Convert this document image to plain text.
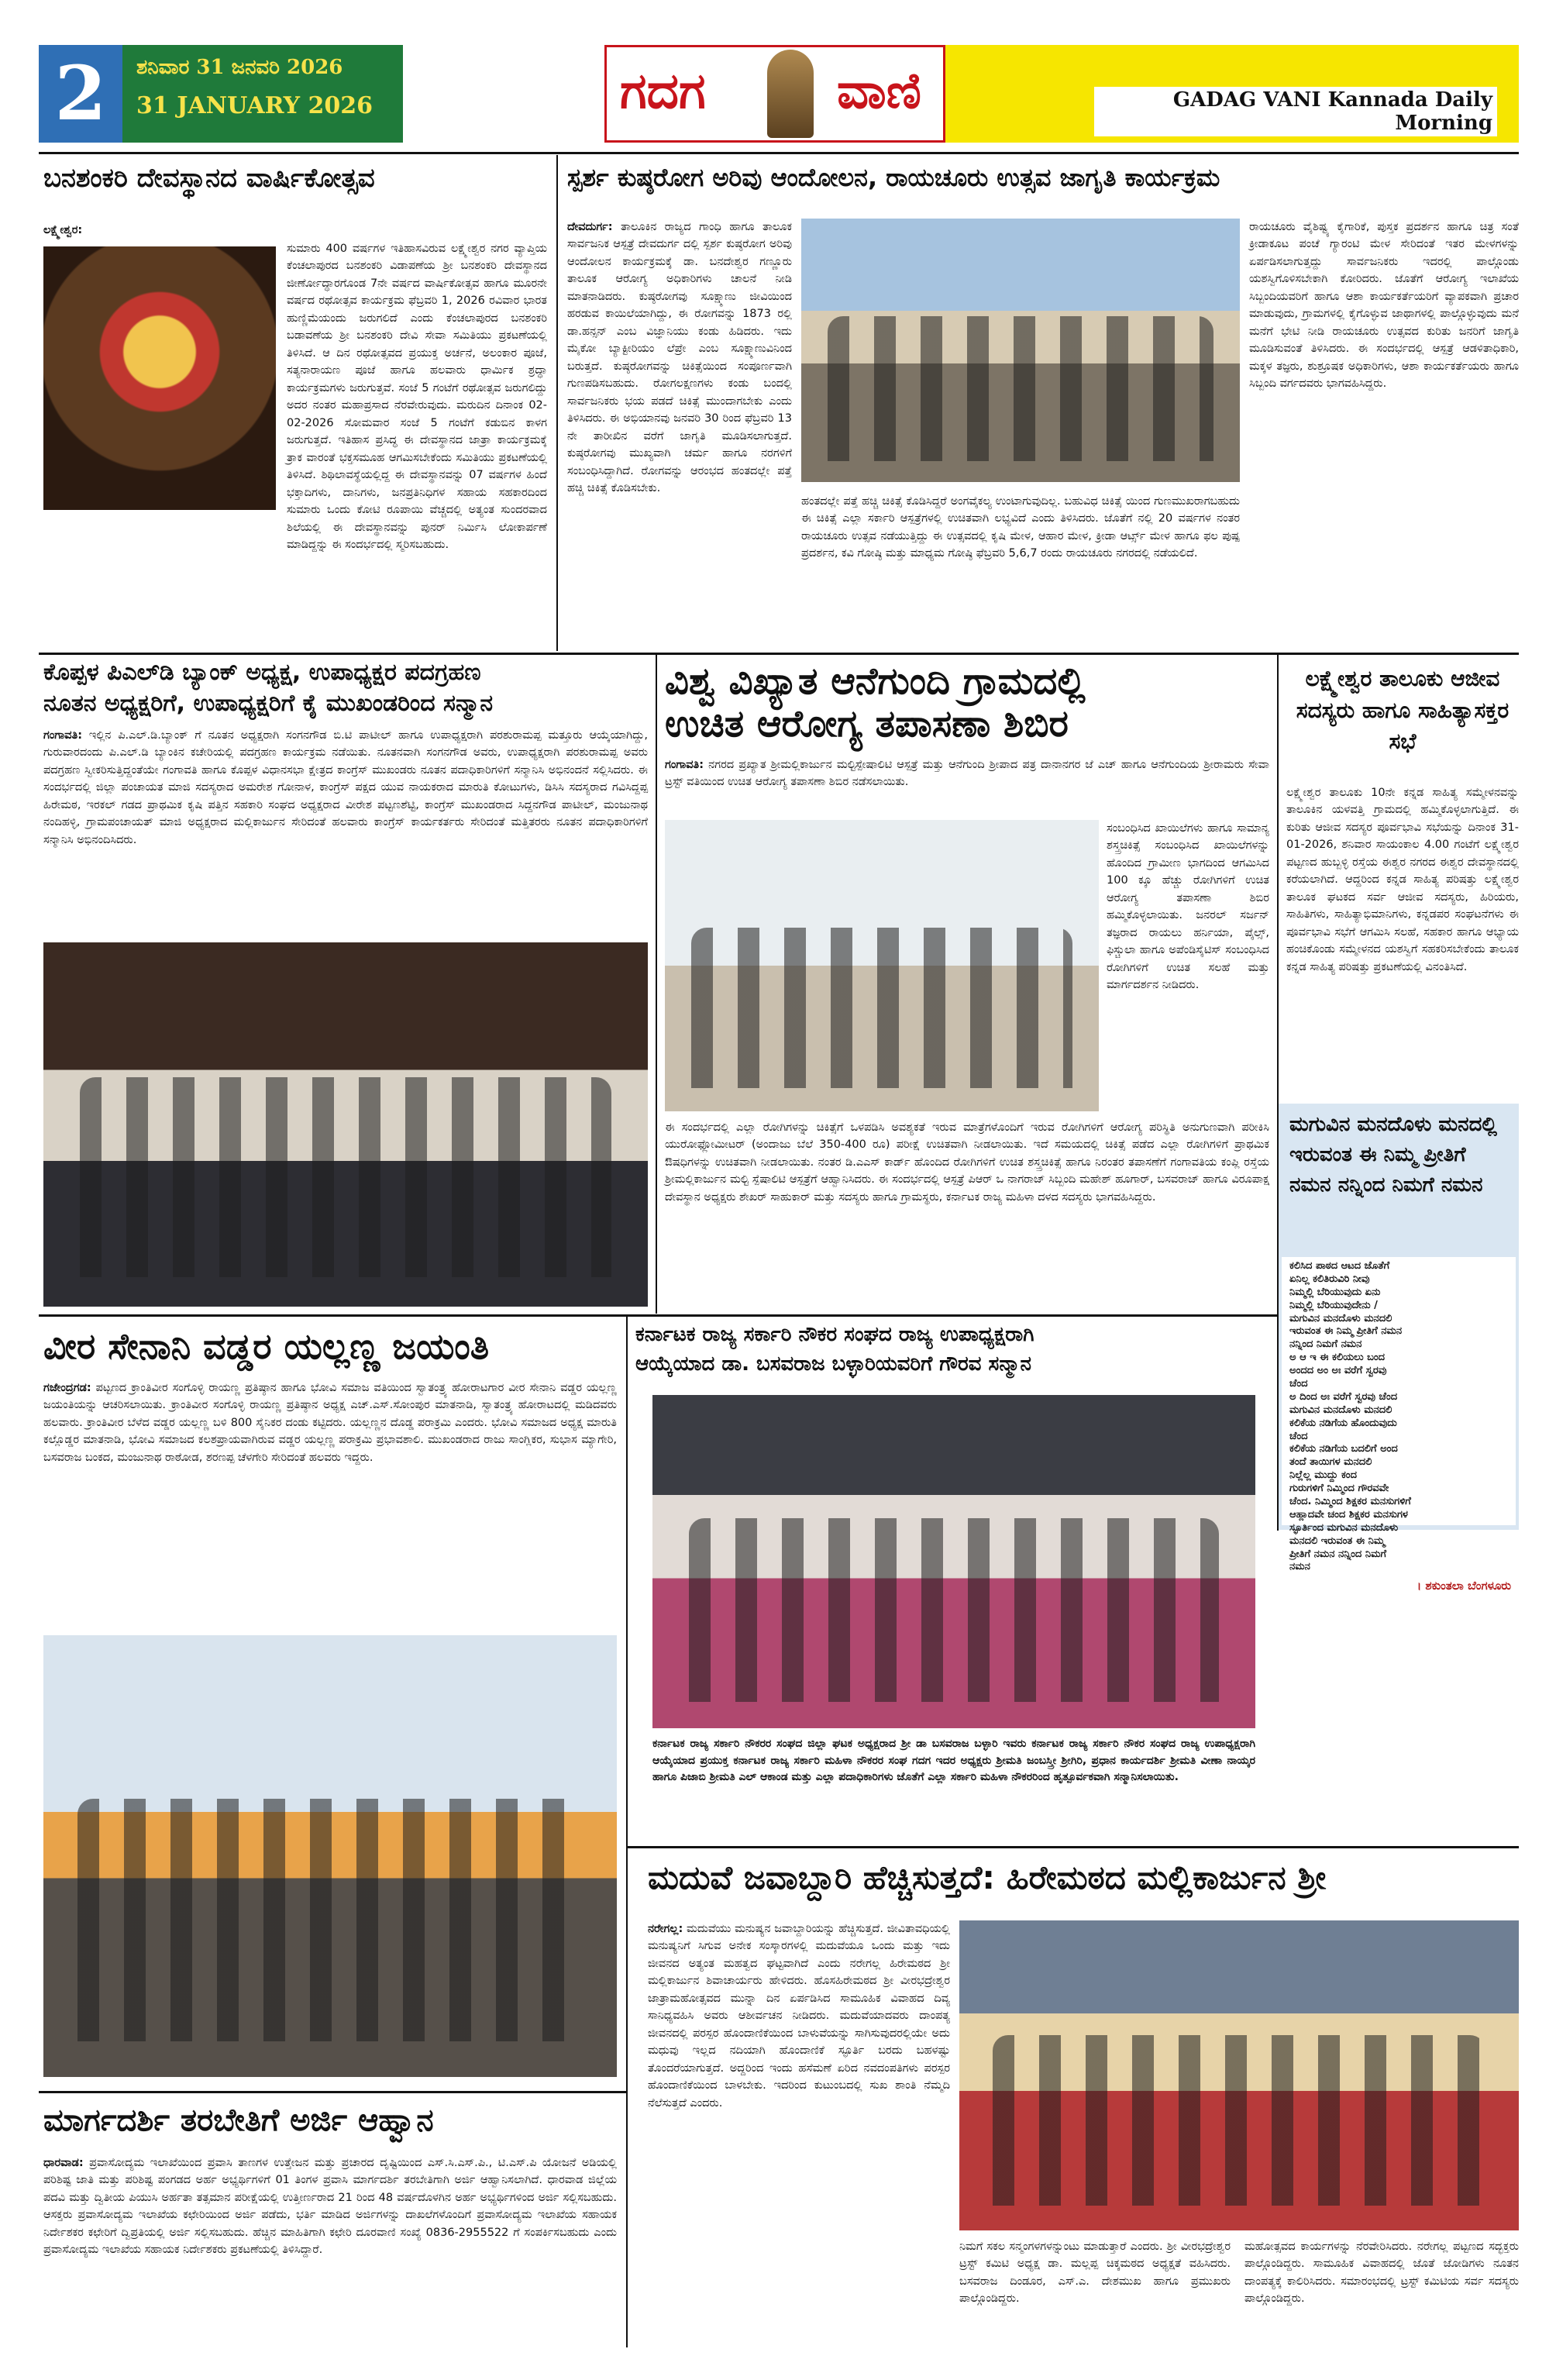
2	ಶನಿವಾರ 31 ಜನವರಿ 2026
31 JANUARY 2026	ಗದಗ	ವಾಣಿ	GADAG VANI Kannada Daily Morning
ಬನಶಂಕರಿ ದೇವಸ್ಥಾನದ ವಾರ್ಷಿಕೋತ್ಸವ
ಲಕ್ಷ್ಮೇಶ್ವರ:
ಸುಮಾರು 400 ವರ್ಷಗಳ ಇತಿಹಾಸವಿರುವ ಲಕ್ಷ್ಮೇಶ್ವರ ನಗರ ವ್ಯಾಪ್ತಿಯ ಕೆಂಚಲಾಪುರದ ಬನಶಂಕರಿ ವಿಡಾಪಣೆಯ ಶ್ರೀ ಬನಶಂಕರಿ ದೇವಸ್ಥಾನದ ಜೀರ್ಣೋದ್ಧಾರಗೊಂಡ 7ನೇ ವರ್ಷದ ವಾರ್ಷಿಕೋತ್ಸವ ಹಾಗೂ ಮೂರನೇ ವರ್ಷದ ರಥೋತ್ಸವ ಕಾರ್ಯಕ್ರಮ ಫೆಬ್ರವರಿ 1, 2026 ರವಿವಾರ ಭಾರತ ಹುಣ್ಣಿಮೆಯಂದು ಜರುಗಲಿದೆ ಎಂದು ಕೆಂಚಲಾಪುರದ ಬನಶಂಕರಿ ಬಡಾವಣೆಯ ಶ್ರೀ ಬನಶಂಕರಿ ದೇವಿ ಸೇವಾ ಸಮಿತಿಯು ಪ್ರಕಟಣೆಯಲ್ಲಿ ತಿಳಿಸಿದೆ. ಆ ದಿನ ರಥೋತ್ಸವದ ಪ್ರಯುಕ್ತ ಅರ್ಚನೆ, ಅಲಂಕಾರ ಪೂಜೆ, ಸತ್ಯನಾರಾಯಣ ಪೂಜೆ ಹಾಗೂ ಹಲವಾರು ಧಾರ್ಮಿಕ ಶ್ರದ್ಧಾ ಕಾರ್ಯಕ್ರಮಗಳು ಜರುಗುತ್ತವೆ. ಸಂಜೆ 5 ಗಂಟೆಗೆ ರಥೋತ್ಸವ ಜರುಗಲಿದ್ದು ಅದರ ನಂತರ ಮಹಾಪ್ರಸಾದ ನೆರವೇರುವುದು. ಮರುದಿನ ದಿನಾಂಕ 02-02-2026 ಸೋಮವಾರ ಸಂಜೆ 5 ಗಂಟೆಗೆ ಕಡುಬಿನ ಕಾಳಗ ಜರುಗುತ್ತದೆ. ಇತಿಹಾಸ ಪ್ರಸಿದ್ಧ ಈ ದೇವಸ್ಥಾನದ ಜಾತ್ರಾ ಕಾರ್ಯಕ್ರಮಕ್ಕೆ ತ್ರಾಕ ವಾರಂತೆ ಭಕ್ತಸಮೂಹ ಆಗಮಿಸಬೇಕೆಂದು ಸಮಿತಿಯು ಪ್ರಕಟಣೆಯಲ್ಲಿ ತಿಳಿಸಿದೆ. ಶಿಥಿಲಾವಸ್ಥೆಯಲ್ಲಿದ್ದ ಈ ದೇವಸ್ಥಾನವನ್ನು 07 ವರ್ಷಗಳ ಹಿಂದೆ ಭಕ್ತಾದಿಗಳು, ದಾನಿಗಳು, ಜನಪ್ರತಿನಿಧಿಗಳ ಸಹಾಯ ಸಹಕಾರದಿಂದ ಸುಮಾರು ಒಂದು ಕೋಟಿ ರೂಪಾಯಿ ವೆಚ್ಚದಲ್ಲಿ ಅತ್ಯಂತ ಸುಂದರವಾದ ಶಿಲೆಯಲ್ಲಿ ಈ ದೇವಸ್ಥಾನವನ್ನು ಪುನರ್ ನಿರ್ಮಿಸಿ ಲೋಕಾರ್ಪಣೆ ಮಾಡಿದ್ದನ್ನು ಈ ಸಂದರ್ಭದಲ್ಲಿ ಸ್ಮರಿಸಬಹುದು.
ಸ್ಪರ್ಶ ಕುಷ್ಠರೋಗ ಅರಿವು ಆಂದೋಲನ, ರಾಯಚೂರು ಉತ್ಸವ ಜಾಗೃತಿ ಕಾರ್ಯಕ್ರಮ
ದೇವದುರ್ಗ: ತಾಲೂಕಿನ ರಾಜ್ಯದ ಗಾಂಧಿ ಹಾಗೂ ತಾಲೂಕ ಸಾರ್ವಜನಿಕ ಆಸ್ಪತ್ರೆ ದೇವದುರ್ಗ ದಲ್ಲಿ ಸ್ಪರ್ಶ ಕುಷ್ಠರೋಗ ಅರಿವು ಆಂದೋಲನ ಕಾರ್ಯಕ್ರಮಕ್ಕೆ ಡಾ. ಬನದೇಶ್ವರ ಗಣ್ಣೂರು ತಾಲೂಕ ಆರೋಗ್ಯ ಅಧಿಕಾರಿಗಳು ಚಾಲನೆ ನೀಡಿ ಮಾತನಾಡಿದರು. ಕುಷ್ಠರೋಗವು ಸೂಕ್ಷ್ಮಾಣು ಜೀವಿಯಿಂದ ಹರಡುವ ಕಾಯಿಲೆಯಾಗಿದ್ದು, ಈ ರೋಗವನ್ನು 1873 ರಲ್ಲಿ ಡಾ.ಹನ್ಸನ್ ಎಂಬ ವಿಜ್ಞಾನಿಯು ಕಂಡು ಹಿಡಿದರು. ಇದು ಮೈಕೋ ಬ್ಯಾಕ್ಟೀರಿಯಂ ಲೆಪ್ರೇ ಎಂಬ ಸೂಕ್ಷ್ಮಾಣುವಿನಿಂದ ಬರುತ್ತದೆ. ಕುಷ್ಠರೋಗವನ್ನು ಚಿಕಿತ್ಸೆಯಿಂದ ಸಂಪೂರ್ಣವಾಗಿ ಗುಣಪಡಿಸಬಹುದು. ರೋಗಲಕ್ಷಣಗಳು ಕಂಡು ಬಂದಲ್ಲಿ ಸಾರ್ವಜನಿಕರು ಭಯ ಪಡದೆ ಚಿಕಿತ್ಸೆ ಮುಂದಾಗಬೇಕು ಎಂದು ತಿಳಿಸಿದರು. ಈ ಅಭಿಯಾನವು ಜನವರಿ 30 ರಿಂದ ಫೆಬ್ರವರಿ 13 ನೇ ತಾರೀಖಿನ ವರೆಗೆ ಜಾಗೃತಿ ಮೂಡಿಸಲಾಗುತ್ತದೆ. ಕುಷ್ಠರೋಗವು ಮುಖ್ಯವಾಗಿ ಚರ್ಮ ಹಾಗೂ ನರಗಳಿಗೆ ಸಂಬಂಧಿಸಿದ್ದಾಗಿದೆ. ರೋಗವನ್ನು ಆರಂಭದ ಹಂತದಲ್ಲೇ ಪತ್ತೆ ಹಚ್ಚಿ ಚಿಕಿತ್ಸೆ ಕೊಡಿಸಬೇಕು.
ರಾಯಚೂರು ವೈಶಿಷ್ಟ್ಯ ಕೈಗಾರಿಕೆ, ಪುಸ್ತಕ ಪ್ರದರ್ಶನ ಹಾಗೂ ಚಿತ್ರ ಸಂತೆ ಕ್ರೀಡಾಕೂಟ ಪಂಚೆ ಗ್ಯಾರಂಟಿ ಮೇಳ ಸೇರಿದಂತೆ ಇತರ ಮೇಳಗಳನ್ನು ಏರ್ಪಡಿಸಲಾಗುತ್ತದ್ದು ಸಾರ್ವಜನಿಕರು ಇದರಲ್ಲಿ ಪಾಲ್ಗೊಂಡು ಯಶಸ್ವಿಗೊಳಿಸಬೇಕಾಗಿ ಕೋರಿದರು. ಜೊತೆಗೆ ಆರೋಗ್ಯ ಇಲಾಖೆಯ ಸಿಬ್ಬಂದಿಯವರಿಗೆ ಹಾಗೂ ಆಶಾ ಕಾರ್ಯಕರ್ತೆಯರಿಗೆ ವ್ಯಾಪಕವಾಗಿ ಪ್ರಚಾರ ಮಾಡುವುದು, ಗ್ರಾಮಗಳಲ್ಲಿ ಕೈಗೊಳ್ಳುವ ಜಾಥಾಗಳಲ್ಲಿ ಪಾಲ್ಗೊಳ್ಳುವುದು ಮನೆ ಮನೆಗೆ ಭೇಟಿ ನೀಡಿ ರಾಯಚೂರು ಉತ್ಸವದ ಕುರಿತು ಜನರಿಗೆ ಜಾಗೃತಿ ಮೂಡಿಸುವಂತೆ ತಿಳಿಸಿದರು. ಈ ಸಂದರ್ಭದಲ್ಲಿ ಆಸ್ಪತ್ರೆ ಆಡಳಿತಾಧಿಕಾರಿ, ಮಕ್ಕಳ ತಜ್ಞರು, ಶುಶ್ರೂಷಕ ಅಧಿಕಾರಿಗಳು, ಆಶಾ ಕಾರ್ಯಕರ್ತೆಯರು ಹಾಗೂ ಸಿಬ್ಬಂದಿ ವರ್ಗದವರು ಭಾಗವಹಿಸಿದ್ದರು.
ಹಂತದಲ್ಲೇ ಪತ್ತೆ ಹಚ್ಚಿ ಚಿಕಿತ್ಸೆ ಕೊಡಿಸಿದ್ದರೆ ಅಂಗವೈಕಲ್ಯ ಉಂಟಾಗುವುದಿಲ್ಲ. ಬಹುವಿಧ ಚಿಕಿತ್ಸೆ ಯಿಂದ ಗುಣಮುಖರಾಗಬಹುದು ಈ ಚಿಕಿತ್ಸೆ ಎಲ್ಲಾ ಸರ್ಕಾರಿ ಆಸ್ಪತ್ರೆಗಳಲ್ಲಿ ಉಚಿತವಾಗಿ ಲಭ್ಯವಿದೆ ಎಂದು ತಿಳಿಸಿದರು. ಜೊತೆಗೆ ನಲ್ಲಿ 20 ವರ್ಷಗಳ ನಂತರ ರಾಯಚೂರು ಉತ್ಸವ ನಡೆಯುತ್ತಿದ್ದು ಈ ಉತ್ಸವದಲ್ಲಿ ಕೃಷಿ ಮೇಳ, ಆಹಾರ ಮೇಳ, ಕ್ರೀಡಾ ಆರ್ಟ್ಸ್ ಮೇಳ ಹಾಗೂ ಫಲ ಪುಷ್ಪ ಪ್ರದರ್ಶನ, ಕವಿ ಗೋಷ್ಠಿ ಮತ್ತು ಮಾಧ್ಯಮ ಗೋಷ್ಠಿ ಫೆಬ್ರವರಿ 5,6,7 ರಂದು ರಾಯಚೂರು ನಗರದಲ್ಲಿ ನಡೆಯಲಿದೆ.
ಕೊಪ್ಪಳ ಪಿಎಲ್‌ಡಿ ಬ್ಯಾಂಕ್ ಅಧ್ಯಕ್ಷ, ಉಪಾಧ್ಯಕ್ಷರ ಪದಗ್ರಹಣ
ನೂತನ ಅಧ್ಯಕ್ಷರಿಗೆ, ಉಪಾಧ್ಯಕ್ಷರಿಗೆ ಕೈ ಮುಖಂಡರಿಂದ ಸನ್ಮಾನ
ಗಂಗಾವತಿ: ಇಲ್ಲಿನ ಪಿ.ಎಲ್.ಡಿ.ಬ್ಯಾಂಕ್ ಗೆ ನೂತನ ಅಧ್ಯಕ್ಷರಾಗಿ ಸಂಗನಗೌಡ ಬಿ.ಟಿ ಪಾಟೀಲ್ ಹಾಗೂ ಉಪಾಧ್ಯಕ್ಷರಾಗಿ ಪರಶುರಾಮಪ್ಪ ಮತ್ತೂರು ಆಯ್ಕೆಯಾಗಿದ್ದು, ಗುರುವಾರದಂದು ಪಿ.ಎಲ್.ಡಿ ಬ್ಯಾಂಕಿನ ಕಚೇರಿಯಲ್ಲಿ ಪದಗ್ರಹಣ ಕಾರ್ಯಕ್ರಮ ನಡೆಯಿತು. ನೂತನವಾಗಿ ಸಂಗನಗೌಡ ಅವರು, ಉಪಾಧ್ಯಕ್ಷರಾಗಿ ಪರಶುರಾಮಪ್ಪ ಅವರು ಪದಗ್ರಹಣ ಸ್ವೀಕರಿಸುತ್ತಿದ್ದಂತೆಯೇ ಗಂಗಾವತಿ ಹಾಗೂ ಕೊಪ್ಪಳ ವಿಧಾನಸಭಾ ಕ್ಷೇತ್ರದ ಕಾಂಗ್ರೆಸ್ ಮುಖಂಡರು ನೂತನ ಪದಾಧಿಕಾರಿಗಳಿಗೆ ಸನ್ಮಾನಿಸಿ ಅಭಿನಂದನೆ ಸಲ್ಲಿಸಿದರು. ಈ ಸಂದರ್ಭದಲ್ಲಿ ಜಿಲ್ಲಾ ಪಂಚಾಯತ ಮಾಜಿ ಸದಸ್ಯರಾದ ಅಮರೇಶ ಗೋನಾಳ, ಕಾಂಗ್ರೆಸ್ ಪಕ್ಷದ ಯುವ ನಾಯಕರಾದ ಮಾರುತಿ ಕೋಟುಗಳು, ಡಿಸಿಸಿ ಸದಸ್ಯರಾದ ಗವಿಸಿದ್ದಪ್ಪ ಹಿರೇಮಠ, ಇರಕಲ್ ಗಡದ ಪ್ರಾಥಮಿಕ ಕೃಷಿ ಪತ್ತಿನ ಸಹಕಾರಿ ಸಂಘದ ಅಧ್ಯಕ್ಷರಾದ ವೀರೇಶ ಪಟ್ಟಣಶೆಟ್ಟಿ, ಕಾಂಗ್ರೆಸ್ ಮುಖಂಡರಾದ ಸಿದ್ದನಗೌಡ ಪಾಟೀಲ್, ಮಂಜುನಾಥ ನಂದಿಹಳ್ಳಿ, ಗ್ರಾಮಪಂಚಾಯತ್ ಮಾಜಿ ಅಧ್ಯಕ್ಷರಾದ ಮಲ್ಲಿಕಾರ್ಜುನ ಸೇರಿದಂತೆ ಹಲವಾರು ಕಾಂಗ್ರೆಸ್ ಕಾರ್ಯಕರ್ತರು ಸೇರಿದಂತೆ ಮತ್ತಿತರರು ನೂತನ ಪದಾಧಿಕಾರಿಗಳಿಗೆ ಸನ್ಮಾನಿಸಿ ಅಭಿನಂದಿಸಿದರು.
ವಿಶ್ವ ವಿಖ್ಯಾತ ಆನೆಗುಂದಿ ಗ್ರಾಮದಲ್ಲಿ
ಉಚಿತ ಆರೋಗ್ಯ ತಪಾಸಣಾ ಶಿಬಿರ
ಗಂಗಾವತಿ: ನಗರದ ಪ್ರಖ್ಯಾತ ಶ್ರೀಮಲ್ಲಿಕಾರ್ಜುನ ಮಲ್ಟಿಸ್ಪೇಷಾಲಿಟಿ ಆಸ್ಪತ್ರೆ ಮತ್ತು ಆನೆಗುಂದಿ ಶ್ರೀಪಾದ ಪತ್ರ ದಾನಾನಗರ ಜೆ ಎಚ್ ಹಾಗೂ ಆನೆಗುಂದಿಯ ಶ್ರೀರಾಮರು ಸೇವಾ ಟ್ರಸ್ಟ್ ವತಿಯಿಂದ ಉಚಿತ ಆರೋಗ್ಯ ತಪಾಸಣಾ ಶಿಬಿರ ನಡೆಸಲಾಯಿತು.
ಸಂಬಂಧಿಸಿದ ಖಾಯಿಲೆಗಳು ಹಾಗೂ ಸಾಮಾನ್ಯ ಶಸ್ತ್ರಚಿಕಿತ್ಸೆ ಸಂಬಂಧಿಸಿದ ಖಾಯಿಲೆಗಳನ್ನು ಹೊಂದಿದ ಗ್ರಾಮೀಣ ಭಾಗದಿಂದ ಆಗಮಿಸಿದ 100 ಕ್ಕೂ ಹೆಚ್ಚು ರೋಗಿಗಳಿಗೆ ಉಚಿತ ಆರೋಗ್ಯ ತಪಾಸಣಾ ಶಿಬಿರ ಹಮ್ಮಿಕೊಳ್ಳಲಾಯಿತು. ಜನರಲ್ ಸರ್ಜನ್ ತಜ್ಞರಾದ ರಾಯಲು ಹರ್ನಿಯಾ, ಪೈಲ್ಸ್, ಫಿಸ್ಚುಲಾ ಹಾಗೂ ಅಪೆಂಡಿಸೈಟಿಸ್ ಸಂಬಂಧಿಸಿದ ರೋಗಿಗಳಿಗೆ ಉಚಿತ ಸಲಹೆ ಮತ್ತು ಮಾರ್ಗದರ್ಶನ ನೀಡಿದರು.
ಈ ಸಂದರ್ಭದಲ್ಲಿ ಎಲ್ಲಾ ರೋಗಿಗಳನ್ನು ಚಿಕಿತ್ಸೆಗೆ ಒಳಪಡಿಸಿ ಅವಶ್ಯಕತೆ ಇರುವ ಮಾತ್ರೆಗಳೊಂದಿಗೆ ಇರುವ ರೋಗಿಗಳಿಗೆ ಆರೋಗ್ಯ ಪರಿಸ್ಥಿತಿ ಅನುಗುಣವಾಗಿ ಪರೀಕಿಸಿ ಯುರೋಫ್ಲೋಮೀಟರ್ (ಅಂದಾಜು ಬೆಲೆ 350-400 ರೂ) ಪರೀಕ್ಷೆ ಉಚಿತವಾಗಿ ನೀಡಲಾಯಿತು. ಇದೆ ಸಮಯದಲ್ಲಿ ಚಿಕಿತ್ಸೆ ಪಡೆದ ಎಲ್ಲಾ ರೋಗಿಗಳಿಗೆ ಪ್ರಾಥಮಿಕ ಔಷಧಿಗಳನ್ನು ಉಚಿತವಾಗಿ ನೀಡಲಾಯಿತು. ನಂತರ ಡಿ.ಎಎಸ್ ಕಾರ್ಡ್ ಹೊಂದಿದ ರೋಗಿಗಳಿಗೆ ಉಚಿತ ಶಸ್ತ್ರಚಿಕಿತ್ಸೆ ಹಾಗೂ ನಿರಂತರ ತಪಾಸಣೆಗೆ ಗಂಗಾವತಿಯ ಕಂಪ್ಲಿ ರಸ್ತೆಯ ಶ್ರೀಮಲ್ಲಿಕಾರ್ಜುನ ಮಲ್ಟಿ ಸ್ಪೆಷಾಲಿಟಿ ಆಸ್ಪತ್ರೆಗೆ ಆಹ್ವಾನಿಸಿದರು. ಈ ಸಂದರ್ಭದಲ್ಲಿ ಆಸ್ಪತ್ರೆ ಪಿಆರ್ ಒ ನಾಗರಾಜ್ ಸಿಬ್ಬಂದಿ ಮಹೇಶ್ ಹೂಗಾರ್, ಬಸವರಾಜ್ ಹಾಗೂ ವಿರೂಪಾಕ್ಷ ದೇವಸ್ಥಾನ ಅಧ್ಯಕ್ಷರು ಶೇಖರ್ ಸಾಹುಕಾರ್ ಮತ್ತು ಸದಸ್ಯರು ಹಾಗೂ ಗ್ರಾಮಸ್ಥರು, ಕರ್ನಾಟಕ ರಾಜ್ಯ ಮಹಿಳಾ ದಳದ ಸದಸ್ಯರು ಭಾಗವಹಿಸಿದ್ದರು.
ಲಕ್ಷ್ಮೇಶ್ವರ ತಾಲೂಕು ಆಜೀವ ಸದಸ್ಯರು ಹಾಗೂ ಸಾಹಿತ್ಯಾಸಕ್ತರ ಸಭೆ
ಲಕ್ಷ್ಮೇಶ್ವರ ತಾಲೂಕು 10ನೇ ಕನ್ನಡ ಸಾಹಿತ್ಯ ಸಮ್ಮೇಳನವನ್ನು ತಾಲೂಕಿನ ಯಳವತ್ತಿ ಗ್ರಾಮದಲ್ಲಿ ಹಮ್ಮಿಕೊಳ್ಳಲಾಗುತ್ತಿದೆ. ಈ ಕುರಿತು ಆಜೀವ ಸದಸ್ಯರ ಪೂರ್ವಭಾವಿ ಸಭೆಯನ್ನು ದಿನಾಂಕ 31-01-2026, ಶನಿವಾರ ಸಾಯಂಕಾಲ 4.00 ಗಂಟೆಗೆ ಲಕ್ಷ್ಮೇಶ್ವರ ಪಟ್ಟಣದ ಹುಬ್ಬಳ್ಳಿ ರಸ್ತೆಯ ಈಶ್ವರ ನಗರದ ಈಶ್ವರ ದೇವಸ್ಥಾನದಲ್ಲಿ ಕರೆಯಲಾಗಿದೆ. ಆದ್ದರಿಂದ ಕನ್ನಡ ಸಾಹಿತ್ಯ ಪರಿಷತ್ತು ಲಕ್ಷ್ಮೇಶ್ವರ ತಾಲೂಕ ಘಟಕದ ಸರ್ವ ಆಜೀವ ಸದಸ್ಯರು, ಹಿರಿಯರು, ಸಾಹಿತಿಗಳು, ಸಾಹಿತ್ಯಾಭಿಮಾನಿಗಳು, ಕನ್ನಡಪರ ಸಂಘಟನೆಗಳು ಈ ಪೂರ್ವಭಾವಿ ಸಭೆಗೆ ಆಗಮಿಸಿ ಸಲಹೆ, ಸಹಕಾರ ಹಾಗೂ ಆಭ್ಯಾಯ ಹಂಚಿಕೊಂಡು ಸಮ್ಮೇಳನದ ಯಶಸ್ವಿಗೆ ಸಹಕರಿಸಬೇಕೆಂದು ತಾಲೂಕ ಕನ್ನಡ ಸಾಹಿತ್ಯ ಪರಿಷತ್ತು ಪ್ರಕಟಣೆಯಲ್ಲಿ ವಿನಂತಿಸಿದೆ.
ಮಗುವಿನ ಮನದೊಳು ಮನದಲ್ಲಿ ಇರುವಂತ ಈ ನಿಮ್ಮ ಪ್ರೀತಿಗೆ ನಮನ ನನ್ನಿಂದ ನಿಮಗೆ ನಮನ
ಕಲಿಸಿದ ಪಾಠದ ಆಟದ ಜೊತೆಗೆ
ಏನಿಲ್ಲ ಕಲಿತಿರುವಿರಿ ನೀವು
ನಿಮ್ಮಲ್ಲಿ ಬೆರಿಯುವುದು ಏನು
ನಿಮ್ಮಲ್ಲಿ ಬೆರಿಯುವುದೇನು /
ಮಗುವಿನ ಮನದೊಳು ಮನದಲಿ
ಇರುವಂತ ಈ ನಿಮ್ಮ ಪ್ರೀತಿಗೆ ನಮನ
ನನ್ನಿಂದ ನಿಮಗೆ ನಮನ
ಅ ಆ ಇ ಈ ಕಲಿಯಲು ಬಂದ
ಅಂದದ ಅಂ ಅಃ ವರೆಗೆ ಸ್ವರವು
ಚೆಂದ
ಅ ದಿಂದ ಅಃ ವರೆಗೆ ಸ್ವರವು ಚೆಂದ
ಮಗುವಿನ ಮನದೊಳು ಮನದಲಿ
ಕಲಿಕೆಯ ನಡಿಗೆಯ ಹೊಂದುವುದು
ಚೆಂದ
ಕಲಿಕೆಯ ನಡಿಗೆಯ ಬದಲಿಗೆ ಅಂದ
ತಂದೆ ತಾಯಿಗಳ ಮನದಲಿ
ನಿಲ್ಲೆಲ್ಲ ಮುದ್ದು ಕಂದ
ಗುರುಗಳಿಗೆ ನಿಮ್ಮಿಂದ ಗೌರವವೇ
ಚೆಂದ. ನಿಮ್ಮಿಂದ ಶಿಕ್ಷಕರ ಮನಸುಗಳಿಗೆ
ಆಹ್ಲಾದವೇ ಚಂದ ಶಿಕ್ಷಕರ ಮನಸುಗಳ
ಸ್ಫೂರ್ತಿಂದ ಮಗುವಿನ ಮನದೊಳು
ಮನದಲಿ ಇರುವಂತ ಈ ನಿಮ್ಮ
ಪ್ರೀತಿಗೆ ನಮನ ನನ್ನಿಂದ ನಿಮಗೆ
ನಮನ
। ಶಕುಂತಲಾ ಬೆಂಗಳೂರು
ವೀರ ಸೇನಾನಿ ವಡ್ಡರ ಯಲ್ಲಣ್ಣ ಜಯಂತಿ
ಗಜೇಂದ್ರಗಡ: ಪಟ್ಟಣದ ಕ್ರಾಂತಿವೀರ ಸಂಗೊಳ್ಳಿ ರಾಯಣ್ಣ ಪ್ರತಿಷ್ಠಾನ ಹಾಗೂ ಭೋವಿ ಸಮಾಜ ವತಿಯಿಂದ ಸ್ವಾತಂತ್ರ್ಯ ಹೋರಾಟಗಾರ ವೀರ ಸೇನಾನಿ ವಡ್ಡರ ಯಲ್ಲಣ್ಣ ಜಯಂತಿಯನ್ನು ಆಚರಿಸಲಾಯಿತು. ಕ್ರಾಂತಿವೀರ ಸಂಗೊಳ್ಳಿ ರಾಯಣ್ಣ ಪ್ರತಿಷ್ಠಾನ ಅಧ್ಯಕ್ಷ ಎಚ್.ಎಸ್.ಸೋಂಪುರ ಮಾತನಾಡಿ, ಸ್ವಾತಂತ್ರ್ಯ ಹೋರಾಟದಲ್ಲಿ ಮಡಿದವರು ಹಲವಾರು. ಕ್ರಾಂತಿವೀರ ಬೆಳೆದ ವಡ್ಡರ ಯಲ್ಲಣ್ಣ ಬಳಿ 800 ಸೈನಿಕರ ದಂಡು ಕಟ್ಟಿದರು. ಯಲ್ಲಣ್ಣನ ದೊಡ್ಡ ಪರಾಕ್ರಮಿ ಎಂದರು. ಭೋವಿ ಸಮಾಜದ ಅಧ್ಯಕ್ಷ ಮಾರುತಿ ಕಲ್ಲೊಡ್ಡರ ಮಾತನಾಡಿ, ಭೋವಿ ಸಮಾಜದ ಕಲಶಪ್ರಾಯವಾಗಿರುವ ವಡ್ಡರ ಯಲ್ಲಣ್ಣ ಪರಾಕ್ರಮಿ ಪ್ರಭಾವಶಾಲಿ. ಮುಖಂಡರಾದ ರಾಜು ಸಾಂಗ್ಲಿಕರ, ಸುಭಾಸ ಮ್ಯಾಗೇರಿ, ಬಸವರಾಜ ಬಂಕದ, ಮಂಜುನಾಥ ರಾಠೋಡ, ಶರಣಪ್ಪ ಚೆಳಗೇರಿ ಸೇರಿದಂತೆ ಹಲವರು ಇದ್ದರು.
ಕರ್ನಾಟಕ ರಾಜ್ಯ ಸರ್ಕಾರಿ ನೌಕರ ಸಂಘದ ರಾಜ್ಯ ಉಪಾಧ್ಯಕ್ಷರಾಗಿ
ಆಯ್ಕೆಯಾದ ಡಾ. ಬಸವರಾಜ ಬಳ್ಳಾರಿಯವರಿಗೆ ಗೌರವ ಸನ್ಮಾನ
ಕರ್ನಾಟಕ ರಾಜ್ಯ ಸರ್ಕಾರಿ ನೌಕರರ ಸಂಘದ ಜಿಲ್ಲಾ ಘಟಕ ಅಧ್ಯಕ್ಷರಾದ ಶ್ರೀ ಡಾ ಬಸವರಾಜ ಬಳ್ಳಾರಿ ಇವರು ಕರ್ನಾಟಕ ರಾಜ್ಯ ಸರ್ಕಾರಿ ನೌಕರ ಸಂಘದ ರಾಜ್ಯ ಉಪಾಧ್ಯಕ್ಷರಾಗಿ ಆಯ್ಕೆಯಾದ ಪ್ರಯುಕ್ತ ಕರ್ನಾಟಕ ರಾಜ್ಯ ಸರ್ಕಾರಿ ಮಹಿಳಾ ನೌಕರರ ಸಂಘ ಗದಗ ಇದರ ಅಧ್ಯಕ್ಷರು ಶ್ರೀಮತಿ ಜಂಬಸ್ತ್ರೀ ಶ್ರೀಗಿರಿ, ಪ್ರಧಾನ ಕಾರ್ಯದರ್ಶಿ ಶ್ರೀಮತಿ ವೀಣಾ ನಾಯ್ಕರ ಹಾಗೂ ಪಿಜಾಬಿ ಶ್ರೀಮತಿ ಎಲ್ ಆಕಾಂಡ ಮತ್ತು ಎಲ್ಲಾ ಪದಾಧಿಕಾರಿಗಳು ಜೊತೆಗೆ ಎಲ್ಲಾ ಸರ್ಕಾರಿ ಮಹಿಳಾ ನೌಕರರಿಂದ ಹೃತ್ಪೂರ್ವಕವಾಗಿ ಸನ್ಮಾನಿಸಲಾಯಿತು.
ಮದುವೆ ಜವಾಬ್ದಾರಿ ಹೆಚ್ಚಿಸುತ್ತದೆ: ಹಿರೇಮಠದ ಮಲ್ಲಿಕಾರ್ಜುನ ಶ್ರೀ
ನರೇಗಲ್ಲ: ಮದುವೆಯು ಮನುಷ್ಯನ ಜವಾಬ್ದಾರಿಯನ್ನು ಹೆಚ್ಚಿಸುತ್ತದೆ. ಜೀವಿತಾವಧಿಯಲ್ಲಿ ಮನುಷ್ಯನಿಗೆ ಸಿಗುವ ಅನೇಕ ಸಂಸ್ಕಾರಗಳಲ್ಲಿ ಮದುವೆಯೂ ಒಂದು ಮತ್ತು ಇದು ಜೀವನದ ಅತ್ಯಂತ ಮಹತ್ವದ ಘಟ್ಟವಾಗಿದೆ ಎಂದು ನರೇಗಲ್ಲ ಹಿರೇಮಠದ ಶ್ರೀ ಮಲ್ಲಿಕಾರ್ಜುನ ಶಿವಾಚಾರ್ಯರು ಹೇಳಿದರು. ಹೊಸಹಿರೇಮಠದ ಶ್ರೀ ವೀರಭದ್ರೇಶ್ವರ ಜಾತ್ರಾಮಹೋತ್ಸವದ ಮುನ್ನಾ ದಿನ ಏರ್ಪಡಿಸಿದ ಸಾಮೂಹಿಕ ವಿವಾಹದ ದಿವ್ಯ ಸಾನಿಧ್ಯವಹಿಸಿ ಅವರು ಆಶೀರ್ವಚನ ನೀಡಿದರು. ಮದುವೆಯಾದವರು ದಾಂಪತ್ಯ ಜೀವನದಲ್ಲಿ ಪರಸ್ಪರ ಹೊಂದಾಣಿಕೆಯಿಂದ ಬಾಳುವೆಯನ್ನು ಸಾಗಿಸುವುದರಲ್ಲಿಯೇ ಅದು ಮಧುವು ಇಲ್ಲದ ನದಿಯಾಗಿ ಹೊಂದಾಣಿಕೆ ಸ್ಫೂರ್ತಿ ಬರದು ಬಹಳಷ್ಟು ತೊಂದರೆಯಾಗುತ್ತದೆ. ಅದ್ದರಿಂದ ಇಂದು ಹಸೆಮಣೆ ಏರಿದ ನವದಂಪತಿಗಳು ಪರಸ್ಪರ ಹೊಂದಾಣಿಕೆಯಿಂದ ಬಾಳಬೇಕು. ಇದರಿಂದ ಕುಟುಂಬದಲ್ಲಿ ಸುಖ ಶಾಂತಿ ನೆಮ್ಮದಿ ನೆಲೆಸುತ್ತದೆ ಎಂದರು.
ನಿಮಗೆ ಸಕಲ ಸನ್ಮಂಗಳಗಳನ್ನುಂಟು ಮಾಡುತ್ತಾರೆ ಎಂದರು. ಶ್ರೀ ವೀರಭದ್ರೇಶ್ವರ ಟ್ರಸ್ಟ್ ಕಮಿಟಿ ಅಧ್ಯಕ್ಷ ಡಾ. ಮಲ್ಲಪ್ಪ ಚಿಕ್ಕಮಠದ ಅಧ್ಯಕ್ಷತೆ ವಹಿಸಿದರು. ಬಸವರಾಜ ದಿಂಡೂರ, ಎಸ್.ಎ. ದೇಶಮುಖ ಹಾಗೂ ಪ್ರಮುಖರು ಪಾಲ್ಗೊಂಡಿದ್ದರು.
ಮಹೋತ್ಸವದ ಕಾರ್ಯಗಳನ್ನು ನೆರವೇರಿಸಿದರು. ನರೇಗಲ್ಲ ಪಟ್ಟಣದ ಸದ್ಭಕ್ತರು ಪಾಲ್ಗೊಂಡಿದ್ದರು. ಸಾಮೂಹಿಕ ವಿವಾಹದಲ್ಲಿ ಜೊತೆ ಜೋಡಿಗಳು ನೂತನ ದಾಂಪತ್ಯಕ್ಕೆ ಕಾಲಿರಿಸಿದರು. ಸಮಾರಂಭದಲ್ಲಿ ಟ್ರಸ್ಟ್ ಕಮಿಟಿಯ ಸರ್ವ ಸದಸ್ಯರು ಪಾಲ್ಗೊಂಡಿದ್ದರು.
ಮಾರ್ಗದರ್ಶಿ ತರಬೇತಿಗೆ ಅರ್ಜಿ ಆಹ್ವಾನ
ಧಾರವಾಡ: ಪ್ರವಾಸೋದ್ಯಮ ಇಲಾಖೆಯಿಂದ ಪ್ರವಾಸಿ ತಾಣಗಳ ಉತ್ತೇಜನ ಮತ್ತು ಪ್ರಚಾರದ ದೃಷ್ಟಿಯಿಂದ ಎಸ್.ಸಿ.ಎಸ್.ಪಿ., ಟಿ.ಎಸ್.ಪಿ ಯೋಜನೆ ಅಡಿಯಲ್ಲಿ ಪರಿಶಿಷ್ಟ ಜಾತಿ ಮತ್ತು ಪರಿಶಿಷ್ಟ ಪಂಗಡದ ಅರ್ಹ ಅಭ್ಯರ್ಥಿಗಳಿಗೆ 01 ತಿಂಗಳ ಪ್ರವಾಸಿ ಮಾರ್ಗದರ್ಶಿ ತರಬೇತಿಗಾಗಿ ಅರ್ಜಿ ಆಹ್ವಾನಿಸಲಾಗಿದೆ. ಧಾರವಾಡ ಜಿಲ್ಲೆಯ ಪದವಿ ಮತ್ತು ದ್ವಿತೀಯ ಪಿಯುಸಿ ಅರ್ಹತಾ ತತ್ಸಮಾನ ಪರೀಕ್ಷೆಯಲ್ಲಿ ಉತ್ತೀರ್ಣರಾದ 21 ರಿಂದ 48 ವರ್ಷದೊಳಗಿನ ಅರ್ಹ ಅಭ್ಯರ್ಥಿಗಳಿಂದ ಅರ್ಜಿ ಸಲ್ಲಿಸಬಹುದು. ಆಸಕ್ತರು ಪ್ರವಾಸೋದ್ಯಮ ಇಲಾಖೆಯ ಕಛೇರಿಯಿಂದ ಅರ್ಜಿ ಪಡೆದು, ಭರ್ತಿ ಮಾಡಿದ ಅರ್ಜಿಗಳನ್ನು ದಾಖಲೆಗಳೊಂದಿಗೆ ಪ್ರವಾಸೋದ್ಯಮ ಇಲಾಖೆಯ ಸಹಾಯಕ ನಿರ್ದೇಶಕರ ಕಛೇರಿಗೆ ದ್ವಿಪ್ರತಿಯಲ್ಲಿ ಅರ್ಜಿ ಸಲ್ಲಿಸಬಹುದು. ಹೆಚ್ಚಿನ ಮಾಹಿತಿಗಾಗಿ ಕಛೇರಿ ದೂರವಾಣಿ ಸಂಖ್ಯೆ 0836-2955522 ಗೆ ಸಂಪರ್ಕಿಸಬಹುದು ಎಂದು ಪ್ರವಾಸೋದ್ಯಮ ಇಲಾಖೆಯ ಸಹಾಯಕ ನಿರ್ದೇಶಕರು ಪ್ರಕಟಣೆಯಲ್ಲಿ ತಿಳಿಸಿದ್ದಾರೆ.
